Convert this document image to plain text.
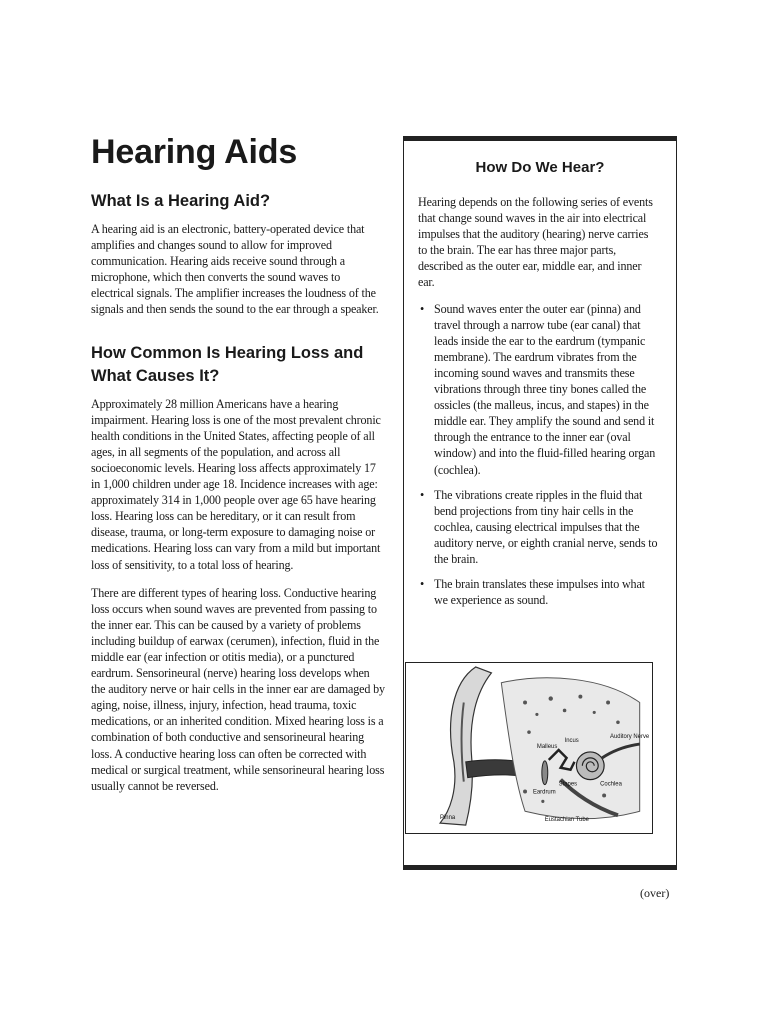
Hearing Aids
What Is a Hearing Aid?

A hearing aid is an electronic, battery-operated device that amplifies and changes sound to allow for improved communication. Hearing aids receive sound through a microphone, which then converts the sound waves to electrical signals. The amplifier increases the loudness of the signals and then sends the sound to the ear through a speaker.

How Common Is Hearing Loss and What Causes It?

Approximately 28 million Americans have a hearing impairment. Hearing loss is one of the most prevalent chronic health conditions in the United States, affecting people of all ages, in all segments of the population, and across all socioeconomic levels. Hearing loss affects approximately 17 in 1,000 children under age 18. Incidence increases with age: approximately 314 in 1,000 people over age 65 have hearing loss. Hearing loss can be hereditary, or it can result from disease, trauma, or long-term exposure to damaging noise or medications. Hearing loss can vary from a mild but important loss of sensitivity, to a total loss of hearing.

There are different types of hearing loss. Conductive hearing loss occurs when sound waves are prevented from passing to the inner ear. This can be caused by a variety of problems including buildup of earwax (cerumen), infection, fluid in the middle ear (ear infection or otitis media), or a punctured eardrum. Sensorineural (nerve) hearing loss develops when the auditory nerve or hair cells in the inner ear are damaged by aging, noise, illness, injury, infection, head trauma, toxic medications, or an inherited condition. Mixed hearing loss is a combination of both conductive and sensorineural hearing loss. A conductive hearing loss can often be corrected with medical or surgical treatment, while sensorineural hearing loss usually cannot be reversed.

How Do We Hear?

Hearing depends on the following series of events that change sound waves in the air into electrical impulses that the auditory (hearing) nerve carries to the brain. The ear has three major parts, described as the outer ear, middle ear, and inner ear.

• Sound waves enter the outer ear (pinna) and travel through a narrow tube (ear canal) that leads inside the ear to the eardrum (tympanic membrane). The eardrum vibrates from the incoming sound waves and transmits these vibrations through three tiny bones called the ossicles (the malleus, incus, and stapes) in the middle ear. They amplify the sound and send it through the entrance to the inner ear (oval window) and into the fluid-filled hearing organ (cochlea).
• The vibrations create ripples in the fluid that bend projections from tiny hair cells in the cochlea, causing electrical impulses that the auditory nerve, or eighth cranial nerve, sends to the brain.
• The brain translates these impulses into what we experience as sound.
Malleus
Incus
Auditory Nerve
Stapes
Eardrum
Cochlea
Pinna	Eustachian Tube
(over)
